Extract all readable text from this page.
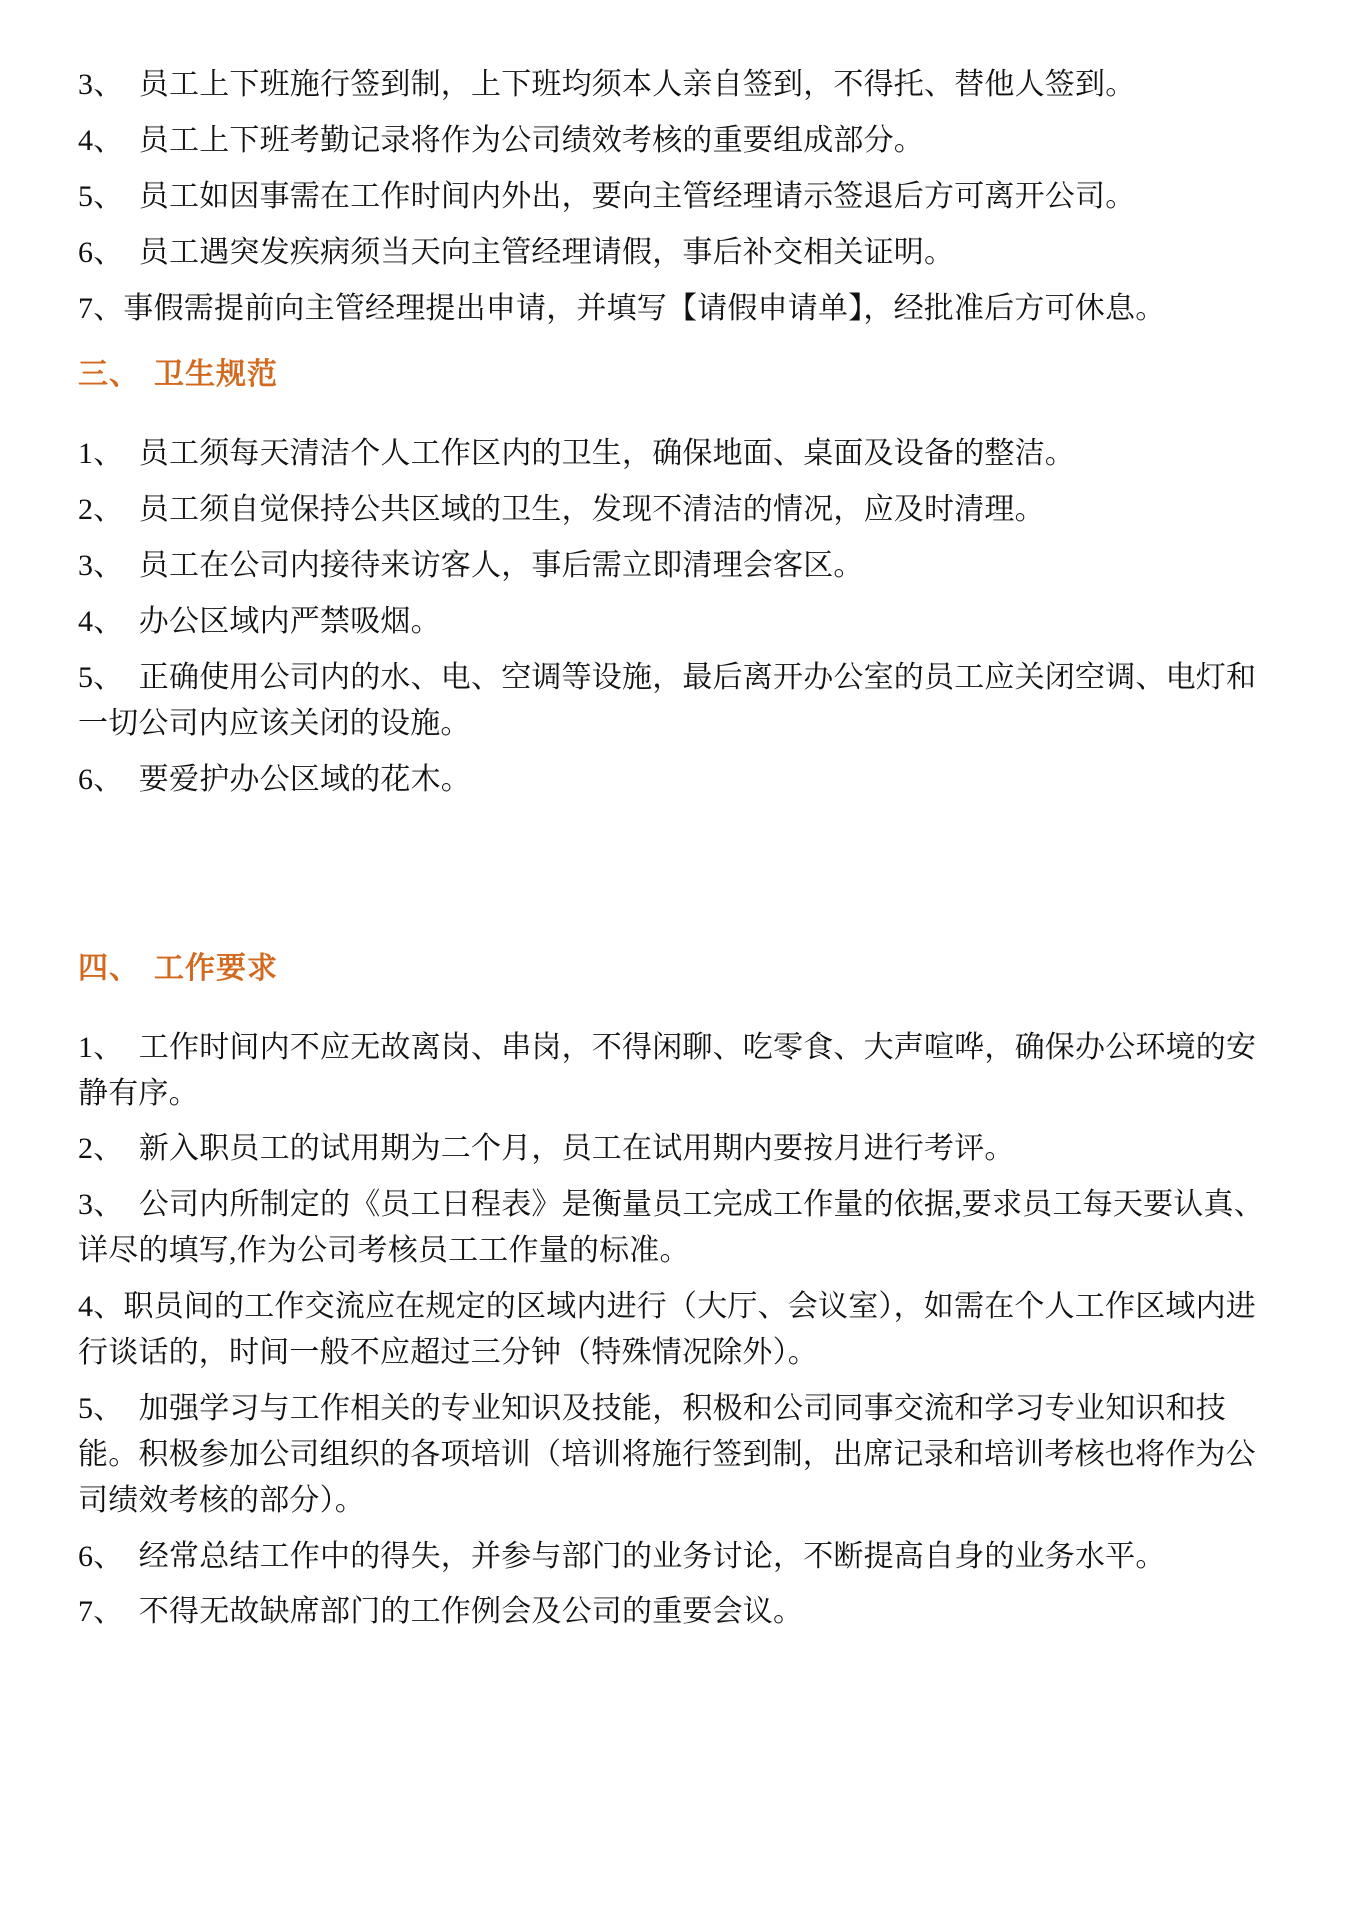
3、  员工上下班施行签到制，上下班均须本人亲自签到，不得托、替他人签到。

4、  员工上下班考勤记录将作为公司绩效考核的重要组成部分。

5、  员工如因事需在工作时间内外出，要向主管经理请示签退后方可离开公司。

6、  员工遇突发疾病须当天向主管经理请假，事后补交相关证明。

7、事假需提前向主管经理提出申请，并填写【请假申请单】，经批准后方可休息。

三、 卫生规范

1、  员工须每天清洁个人工作区内的卫生，确保地面、桌面及设备的整洁。

2、  员工须自觉保持公共区域的卫生，发现不清洁的情况，应及时清理。

3、  员工在公司内接待来访客人，事后需立即清理会客区。

4、  办公区域内严禁吸烟。

5、  正确使用公司内的水、电、空调等设施，最后离开办公室的员工应关闭空调、电灯和一切公司内应该关闭的设施。

6、  要爱护办公区域的花木。

四、 工作要求

1、  工作时间内不应无故离岗、串岗，不得闲聊、吃零食、大声喧哗，确保办公环境的安静有序。

2、  新入职员工的试用期为二个月，员工在试用期内要按月进行考评。

3、  公司内所制定的《员工日程表》是衡量员工完成工作量的依据,要求员工每天要认真、详尽的填写,作为公司考核员工工作量的标准。

4、职员间的工作交流应在规定的区域内进行（大厅、会议室），如需在个人工作区域内进行谈话的，时间一般不应超过三分钟（特殊情况除外）。

5、  加强学习与工作相关的专业知识及技能，积极和公司同事交流和学习专业知识和技能。积极参加公司组织的各项培训（培训将施行签到制，出席记录和培训考核也将作为公司绩效考核的部分）。

6、  经常总结工作中的得失，并参与部门的业务讨论，不断提高自身的业务水平。

7、  不得无故缺席部门的工作例会及公司的重要会议。
